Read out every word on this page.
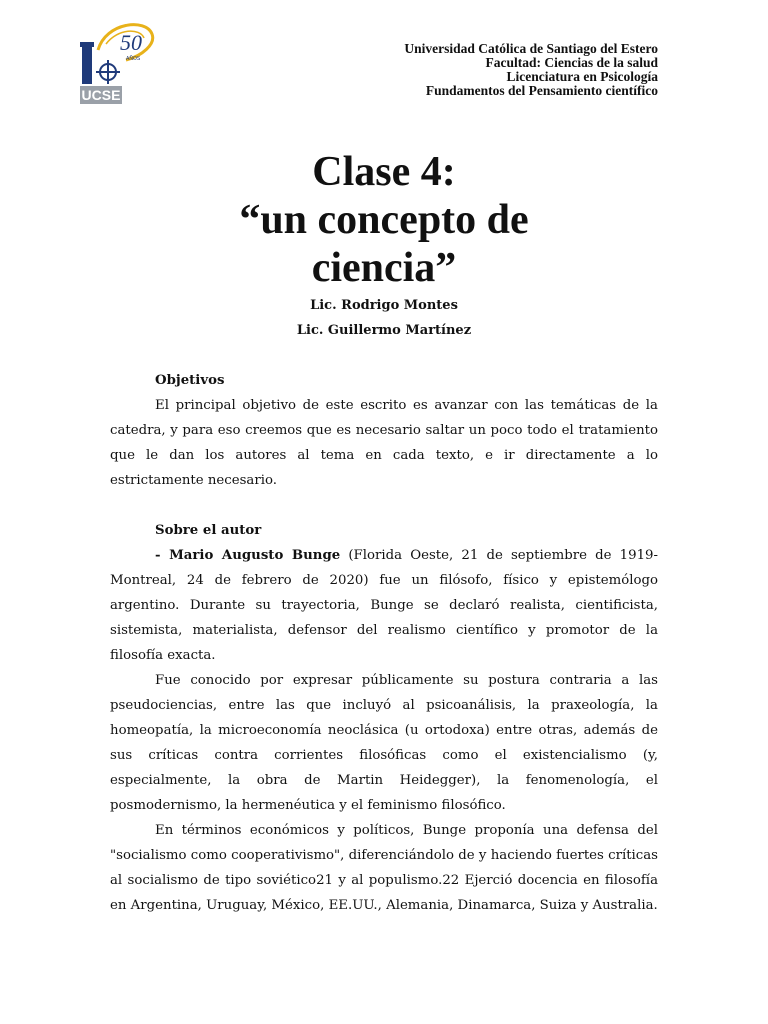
50
AÑOS
UCSE
Universidad Católica de Santiago del Estero
Facultad: Ciencias de la salud
Licenciatura en Psicología
Fundamentos del Pensamiento científico
Clase 4:
“un concepto de
ciencia”
Lic. Rodrigo Montes
Lic. Guillermo Martínez
Objetivos

El principal objetivo de este escrito es avanzar con las temáticas de la catedra, y para eso creemos que es necesario saltar un poco todo el tratamiento que le dan los autores al tema en cada texto, e ir directamente a lo estrictamente necesario.

Sobre el autor

- Mario Augusto Bunge (Florida Oeste, 21 de septiembre de 1919-Montreal, 24 de febrero de 2020) fue un filósofo, físico y epistemólogo argentino. Durante su trayectoria, Bunge se declaró realista, cientificista, sistemista, materialista, defensor del realismo científico y promotor de la filosofía exacta.

Fue conocido por expresar públicamente su postura contraria a las pseudociencias, entre las que incluyó al psicoanálisis, la praxeología, la homeopatía, la microeconomía neoclásica (u ortodoxa) entre otras, además de sus críticas contra corrientes filosóficas como el existencialismo (y, especialmente, la obra de Martin Heidegger), la fenomenología, el posmodernismo, la hermenéutica y el feminismo filosófico.

En términos económicos y políticos, Bunge proponía una defensa del "socialismo como cooperativismo", diferenciándolo de y haciendo fuertes críticas al socialismo de tipo soviético21 y al populismo.22 Ejerció docencia en filosofía en Argentina, Uruguay, México, EE.UU., Alemania, Dinamarca, Suiza y Australia.
